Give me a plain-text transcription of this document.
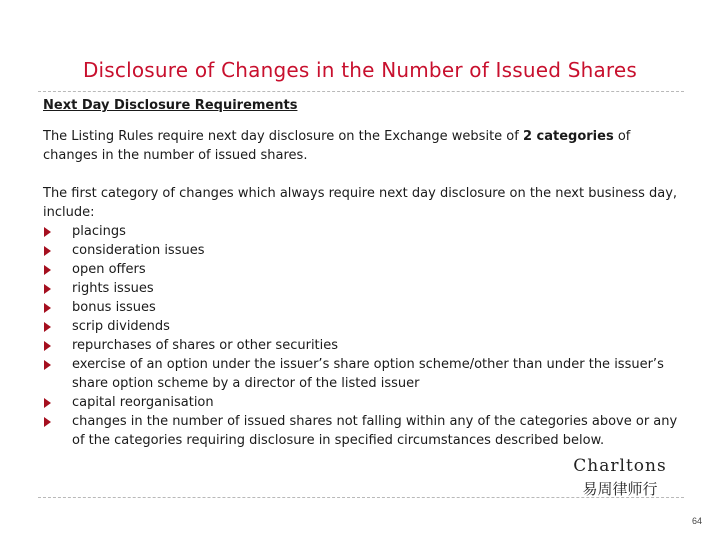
Disclosure of Changes in the Number of Issued Shares

Next Day Disclosure Requirements

The Listing Rules require next day disclosure on the Exchange website of 2 categories of changes in the number of issued shares.

The first category of changes which always require next day disclosure on the next business day, include:
placings
consideration issues
open offers
rights issues
bonus issues
scrip dividends
repurchases of shares or other securities
exercise of an option under the issuer’s share option scheme/other than under the issuer’s share option scheme by a director of the listed issuer
capital reorganisation
changes in the number of issued shares not falling within any of the categories above or any of the categories requiring disclosure in specified circumstances described below.
Charltons
易周律师行
64
